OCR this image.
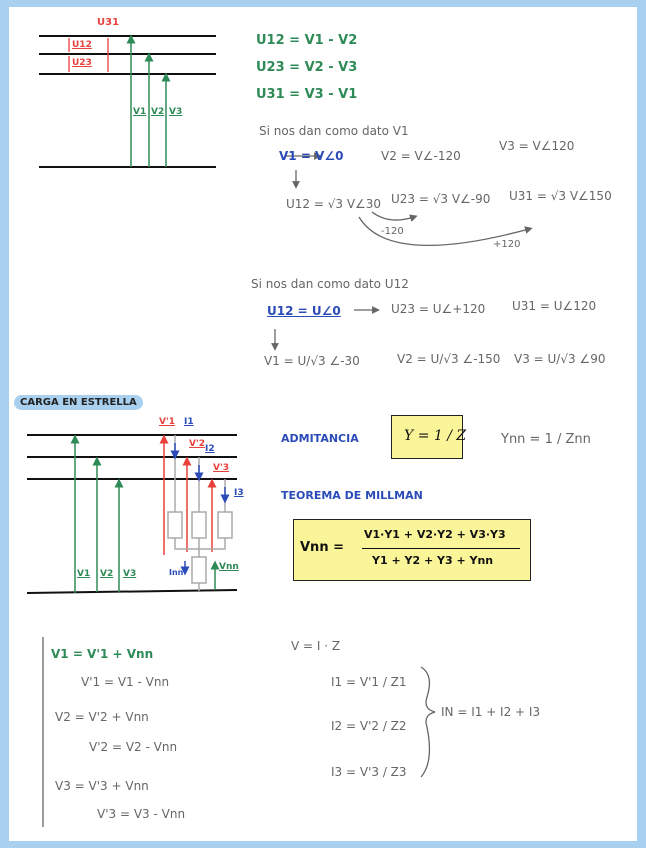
U31
U12
U23
V1 V2 V3
U12 = V1 - V2
U23 = V2 - V3
U31 = V3 - V1
Si nos dan como dato V1
V1 = V∠0	V2 = V∠-120
V3 = V∠120
U12 = √3 V∠30 U23 = √3 V∠-90 U31 = √3 V∠150
-120
+120
Si nos dan como dato U12
U12 = U∠0	U23 = U∠+120 U31 = U∠120
V1 = U/√3 ∠-30	V2 = U/√3 ∠-150 V3 = U/√3 ∠90
CARGA EN ESTRELLA
V'1 I1
V'2 I2
V'3
I3
Inn
Vnn
V1 V2 V3
ADMITANCIA	Y = 1 / Z	Ynn = 1 / Znn
TEOREMA DE MILLMAN
Vnn =
V1·Y1 + V2·Y2 + V3·Y3
Y1 + Y2 + Y3 + Ynn
V1 = V'1 + Vnn
V'1 = V1 - Vnn
V2 = V'2 + Vnn
V'2 = V2 - Vnn
V3 = V'3 + Vnn
V'3 = V3 - Vnn
V = I · Z
I1 = V'1 / Z1
I2 = V'2 / Z2
I3 = V'3 / Z3
IN = I1 + I2 + I3
